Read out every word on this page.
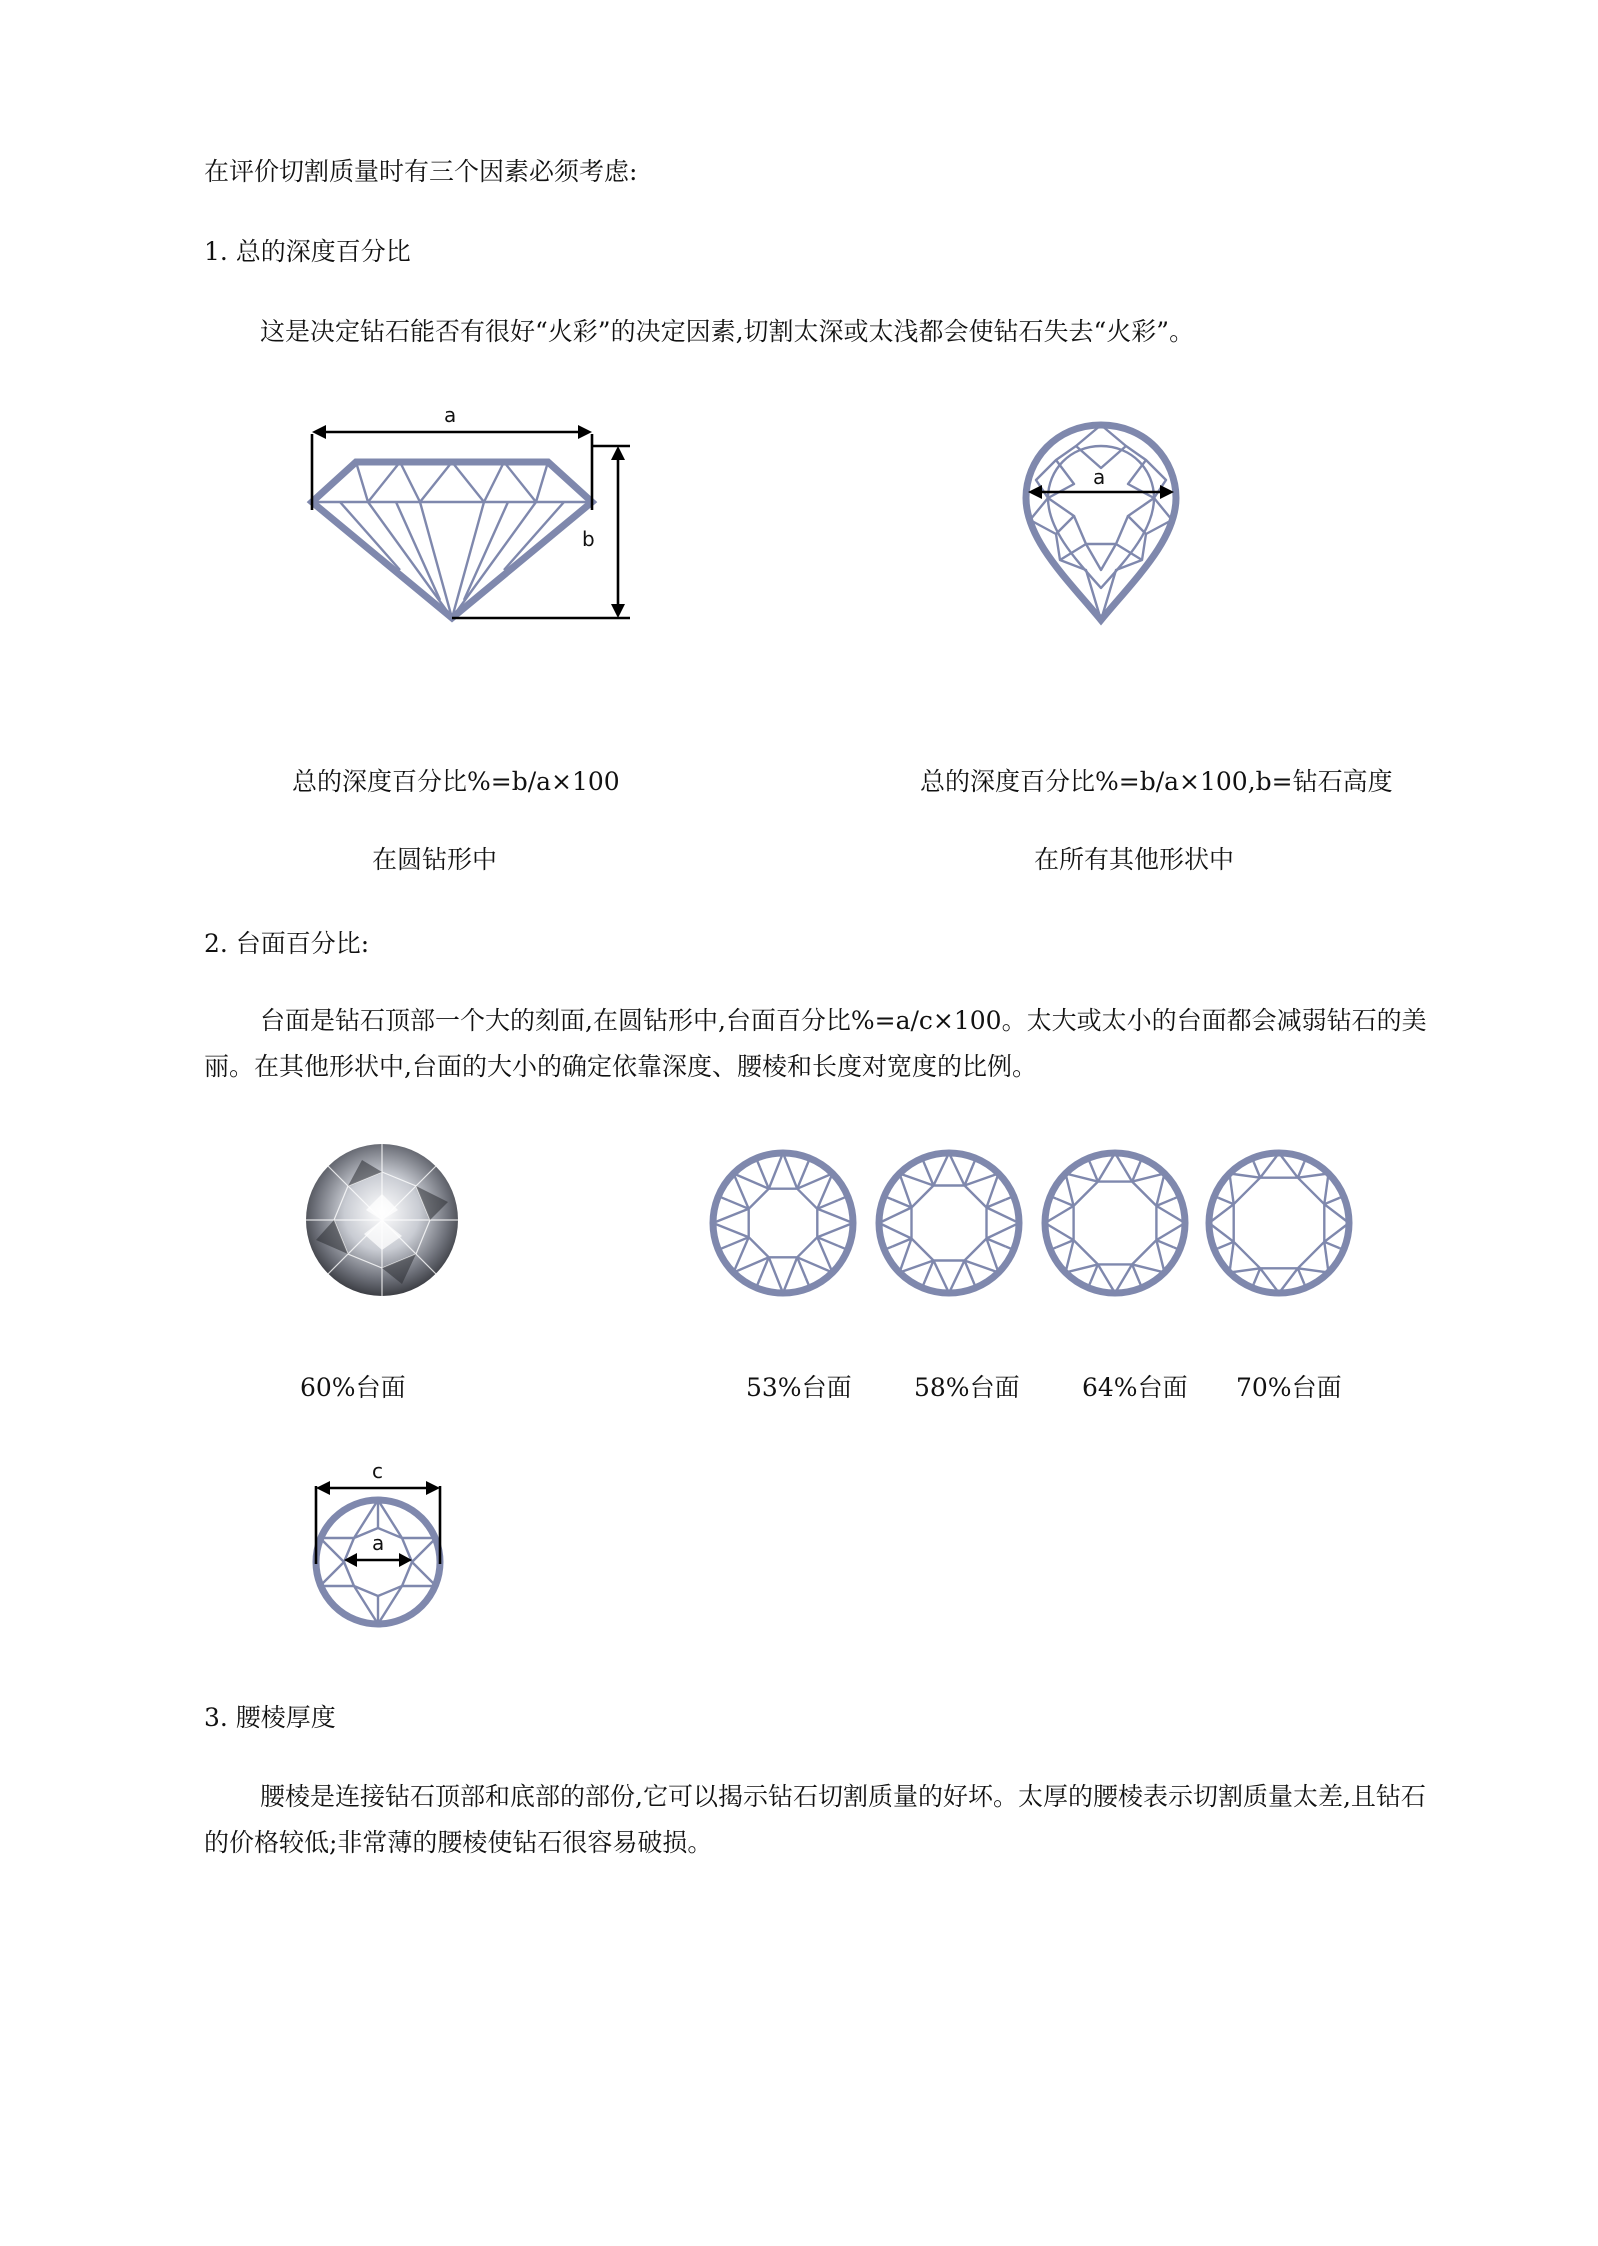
在评价切割质量时有三个因素必须考虑:
1. 总的深度百分比
这是决定钻石能否有很好“火彩”的决定因素,切割太深或太浅都会使钻石失去“火彩”。
a
b
a
总的深度百分比%=b/a×100	总的深度百分比%=b/a×100,b=钻石高度
在圆钻形中	在所有其他形状中
2. 台面百分比:
台面是钻石顶部一个大的刻面,在圆钻形中,台面百分比%=a/c×100。太大或太小的台面都会减弱钻石的美丽。在其他形状中,台面的大小的确定依靠深度、腰棱和长度对宽度的比例。
60%台面	53%台面 58%台面 64%台面 70%台面
c
a
3. 腰棱厚度
腰棱是连接钻石顶部和底部的部份,它可以揭示钻石切割质量的好坏。太厚的腰棱表示切割质量太差,且钻石的价格较低;非常薄的腰棱使钻石很容易破损。
